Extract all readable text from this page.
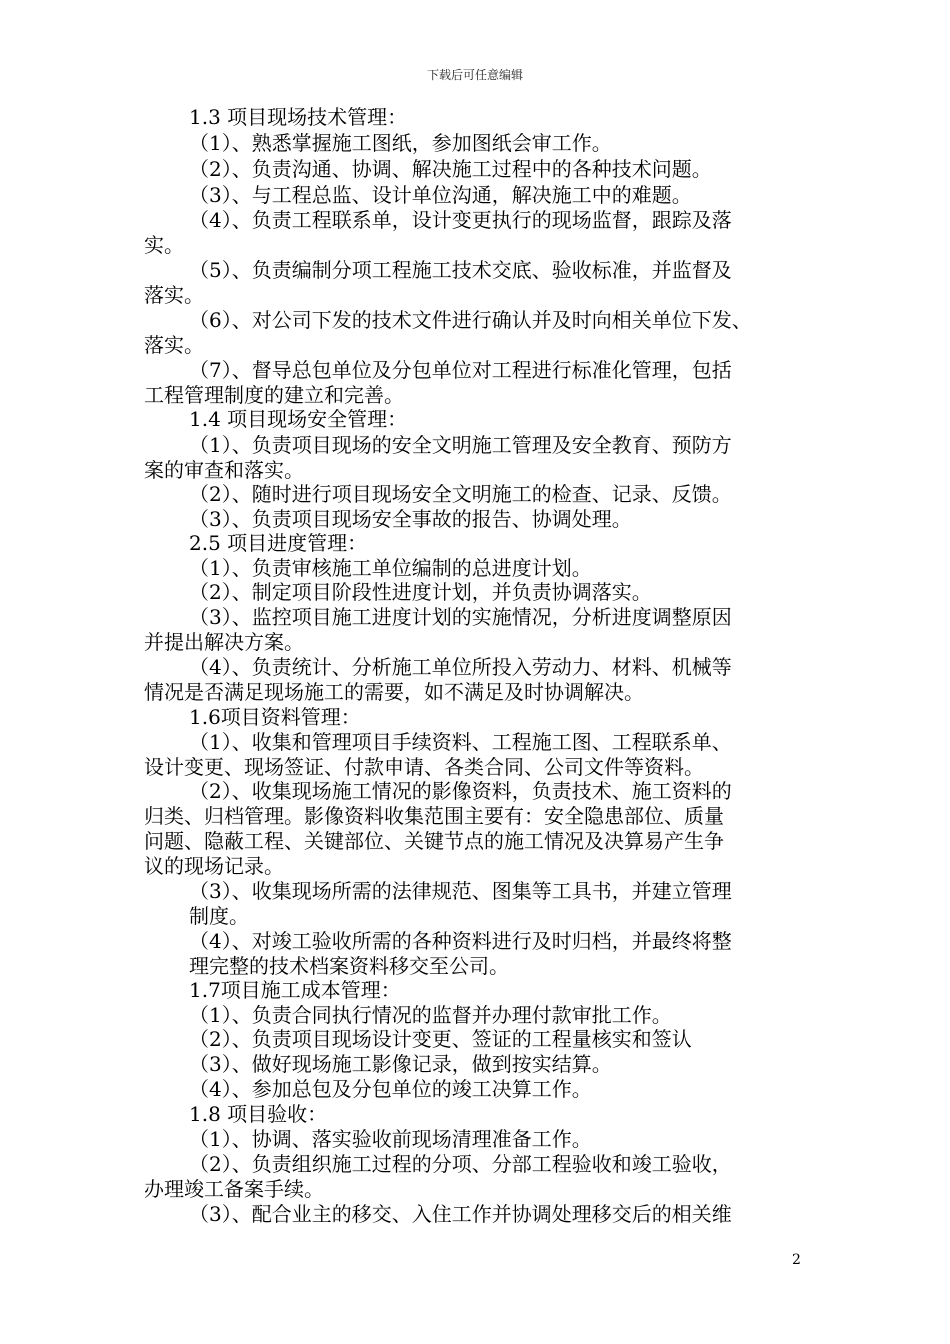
下载后可任意编辑
1.3 项目现场技术管理：
（1）、熟悉掌握施工图纸，参加图纸会审工作。
（2）、负责沟通、协调、解决施工过程中的各种技术问题。
（3）、与工程总监、设计单位沟通，解决施工中的难题。
（4）、负责工程联系单，设计变更执行的现场监督，跟踪及落
实。
（5）、负责编制分项工程施工技术交底、验收标准，并监督及
落实。
（6）、对公司下发的技术文件进行确认并及时向相关单位下发、
落实。
（7）、督导总包单位及分包单位对工程进行标准化管理，包括
工程管理制度的建立和完善。
1.4 项目现场安全管理：
（1）、负责项目现场的安全文明施工管理及安全教育、预防方
案的审查和落实。
（2）、随时进行项目现场安全文明施工的检查、记录、反馈。
（3）、负责项目现场安全事故的报告、协调处理。
2.5 项目进度管理：
（1）、负责审核施工单位编制的总进度计划。
（2）、制定项目阶段性进度计划，并负责协调落实。
（3）、监控项目施工进度计划的实施情况，分析进度调整原因
并提出解决方案。
（4）、负责统计、分析施工单位所投入劳动力、材料、机械等
情况是否满足现场施工的需要，如不满足及时协调解决。
1.6项目资料管理：
（1）、收集和管理项目手续资料、工程施工图、工程联系单、
设计变更、现场签证、付款申请、各类合同、公司文件等资料。
（2）、收集现场施工情况的影像资料，负责技术、施工资料的
归类、归档管理。影像资料收集范围主要有：安全隐患部位、质量
问题、隐蔽工程、关键部位、关键节点的施工情况及决算易产生争
议的现场记录。
（3）、收集现场所需的法律规范、图集等工具书，并建立管理
制度。
（4）、对竣工验收所需的各种资料进行及时归档，并最终将整
理完整的技术档案资料移交至公司。
1.7项目施工成本管理：
（1）、负责合同执行情况的监督并办理付款审批工作。
（2）、负责项目现场设计变更、签证的工程量核实和签认
（3）、做好现场施工影像记录，做到按实结算。
（4）、参加总包及分包单位的竣工决算工作。
1.8 项目验收：
（1）、协调、落实验收前现场清理准备工作。
（2）、负责组织施工过程的分项、分部工程验收和竣工验收，
办理竣工备案手续。
（3）、配合业主的移交、入住工作并协调处理移交后的相关维
2
